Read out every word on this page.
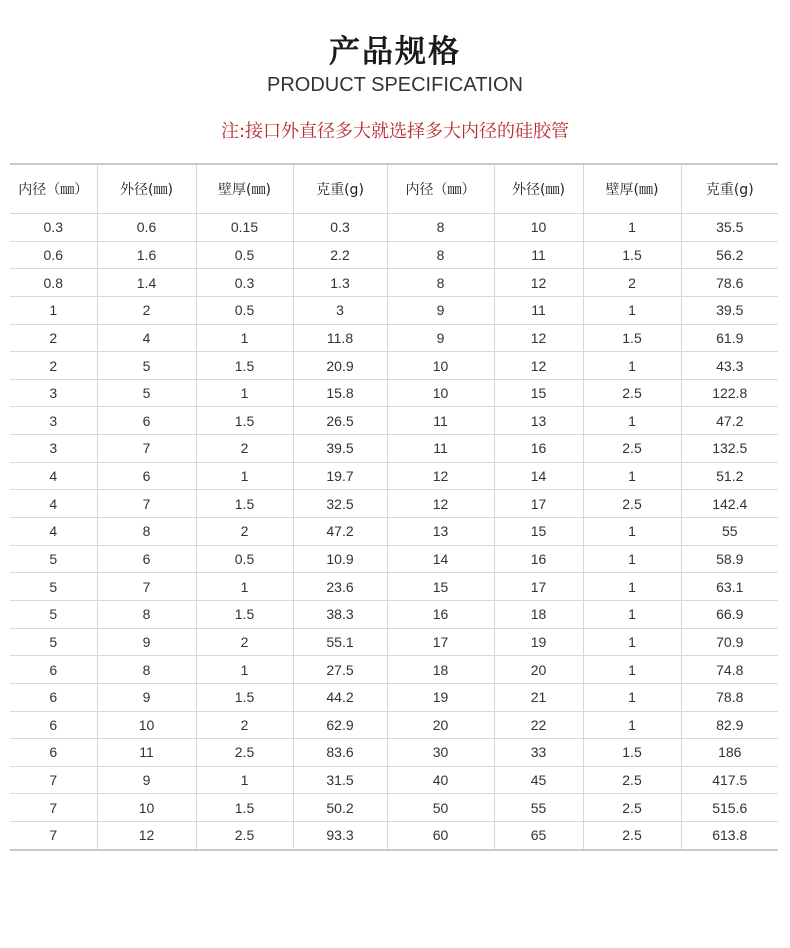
产品规格
PRODUCT SPECIFICATION
注:接口外直径多大就选择多大内径的硅胶管
内径（㎜）	外径(㎜)	壁厚(㎜)	克重(g)	内径（㎜）	外径(㎜)	壁厚(㎜)	克重(g)
0.3	0.6	0.15	0.3	8	10	1	35.5
0.6	1.6	0.5	2.2	8	11	1.5	56.2
0.8	1.4	0.3	1.3	8	12	2	78.6
1	2	0.5	3	9	11	1	39.5
2	4	1	11.8	9	12	1.5	61.9
2	5	1.5	20.9	10	12	1	43.3
3	5	1	15.8	10	15	2.5	122.8
3	6	1.5	26.5	11	13	1	47.2
3	7	2	39.5	11	16	2.5	132.5
4	6	1	19.7	12	14	1	51.2
4	7	1.5	32.5	12	17	2.5	142.4
4	8	2	47.2	13	15	1	55
5	6	0.5	10.9	14	16	1	58.9
5	7	1	23.6	15	17	1	63.1
5	8	1.5	38.3	16	18	1	66.9
5	9	2	55.1	17	19	1	70.9
6	8	1	27.5	18	20	1	74.8
6	9	1.5	44.2	19	21	1	78.8
6	10	2	62.9	20	22	1	82.9
6	11	2.5	83.6	30	33	1.5	186
7	9	1	31.5	40	45	2.5	417.5
7	10	1.5	50.2	50	55	2.5	515.6
7	12	2.5	93.3	60	65	2.5	613.8
